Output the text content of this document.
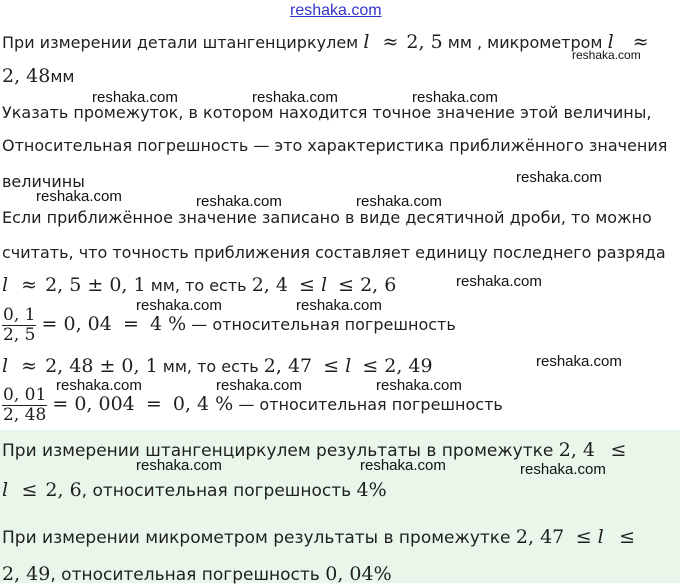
reshaka.com
При измерении детали штангенциркулем l ≈ 2, 5 мм , микрометром l ≈
2, 48мм
Указать промежуток, в котором находится точное значение этой величины,
Относительная погрешность — это характеристика приближённого значения
величины
Если приближённое значение записано в виде десятичной дроби, то можно
считать, что точность приближения составляет единицу последнего разряда
l ≈ 2, 5 ± 0, 1 мм, то есть 2, 4 ≤ l ≤ 2, 6
$\frac{0, 1}{2, 5} = 0$, 04 = 4 % — относительная погрешность
l ≈ 2, 48 ± 0, 1 мм, то есть 2, 47 ≤ l ≤ 2, 49
$\frac{0, 01}{2, 48} = 0$, 004 = 0, 4 % — относительная погрешность
При измерении штангенциркулем результаты в промежутке 2, 4 ≤
l ≤ 2, 6, относительная погрешность 4%
При измерении микрометром результаты в промежутке 2, 47 ≤ l ≤
2, 49, относительная погрешность 0, 04%
reshaka.com
reshaka.com	reshaka.com	reshaka.com
reshaka.com
reshaka.com	reshaka.com	reshaka.com
reshaka.com
reshaka.com	reshaka.com
reshaka.com
reshaka.com	reshaka.com	reshaka.com
reshaka.com	reshaka.com	reshaka.com
